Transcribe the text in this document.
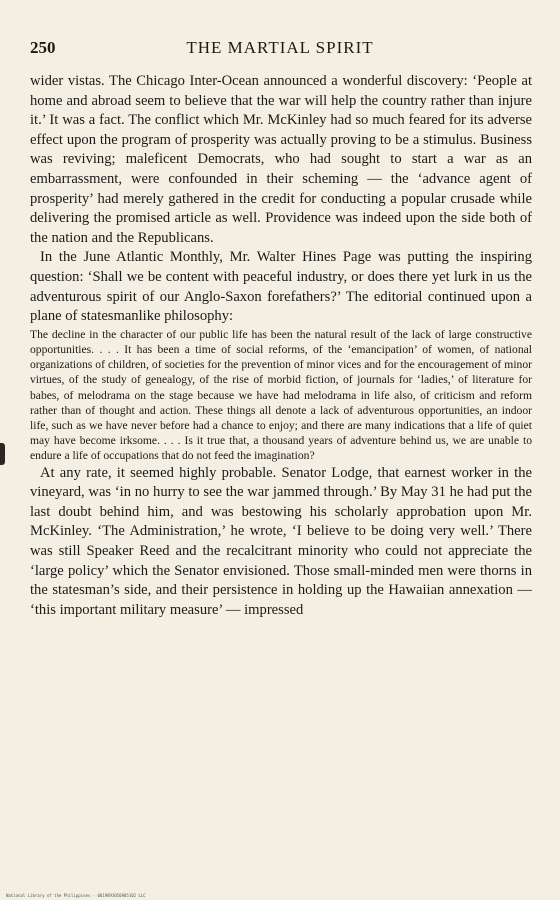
250	THE MARTIAL SPIRIT

wider vistas. The Chicago Inter-Ocean announced a wonderful discovery: ‘People at home and abroad seem to believe that the war will help the country rather than injure it.’ It was a fact. The conflict which Mr. McKinley had so much feared for its adverse effect upon the program of prosperity was actually proving to be a stimulus. Business was reviving; maleficent Democrats, who had sought to start a war as an embarrassment, were confounded in their scheming — the ‘advance agent of prosperity’ had merely gathered in the credit for conducting a popular crusade while delivering the promised article as well. Providence was indeed upon the side both of the nation and the Republicans.

In the June Atlantic Monthly, Mr. Walter Hines Page was putting the inspiring question: ‘Shall we be content with peaceful industry, or does there yet lurk in us the adventurous spirit of our Anglo-Saxon forefathers?’ The editorial continued upon a plane of statesmanlike philosophy:

The decline in the character of our public life has been the natural result of the lack of large constructive opportunities. . . . It has been a time of social reforms, of the ‘emancipation’ of women, of national organizations of children, of societies for the prevention of minor vices and for the encouragement of minor virtues, of the study of genealogy, of the rise of morbid fiction, of journals for ‘ladies,’ of literature for babes, of melodrama on the stage because we have had melodrama in life also, of criticism and reform rather than of thought and action. These things all denote a lack of adventurous opportunities, an indoor life, such as we have never before had a chance to enjoy; and there are many indications that a life of quiet may have become irksome. . . . Is it true that, a thousand years of adventure behind us, we are unable to endure a life of occupations that do not feed the imagination?

At any rate, it seemed highly probable. Senator Lodge, that earnest worker in the vineyard, was ‘in no hurry to see the war jammed through.’ By May 31 he had put the last doubt behind him, and was bestowing his scholarly approbation upon Mr. McKinley. ‘The Administration,’ he wrote, ‘I believe to be doing very well.’ There was still Speaker Reed and the recalcitrant minority who could not appreciate the ‘large policy’ which the Senator envisioned. Those small-minded men were thorns in the statesman’s side, and their persistence in holding up the Hawaiian annexation — ‘this important military measure’ — impressed

National Library of the Philippines · 0019893050905102 LLC
